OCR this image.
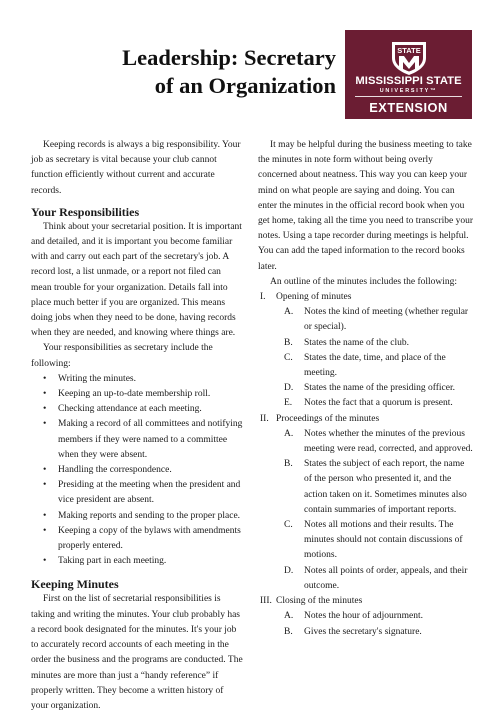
Leadership: Secretary
of an Organization
STATE
MISSISSIPPI STATE
UNIVERSITY™
EXTENSION

Keeping records is always a big responsibility. Your job as secretary is vital because your club cannot function efficiently without current and accurate records.

Your Responsibilities

Think about your secretarial position. It is important and detailed, and it is important you become familiar with and carry out each part of the secretary's job. A record lost, a list unmade, or a report not filed can mean trouble for your organization. Details fall into place much better if you are organized. This means doing jobs when they need to be done, having records when they are needed, and knowing where things are.

Your responsibilities as secretary include the following:

• Writing the minutes.
• Keeping an up-to-date membership roll.
• Checking attendance at each meeting.
• Making a record of all committees and notifying members if they were named to a committee when they were absent.
• Handling the correspondence.
• Presiding at the meeting when the president and vice president are absent.
• Making reports and sending to the proper place.
• Keeping a copy of the bylaws with amendments properly entered.
• Taking part in each meeting.
Keeping Minutes

First on the list of secretarial responsibilities is taking and writing the minutes. Your club probably has a record book designated for the minutes. It's your job to accurately record accounts of each meeting in the order the business and the programs are conducted. The minutes are more than just a “handy reference” if properly written. They become a written history of your organization.

It may be helpful during the business meeting to take the minutes in note form without being overly concerned about neatness. This way you can keep your mind on what people are saying and doing. You can enter the minutes in the official record book when you get home, taking all the time you need to transcribe your notes. Using a tape recorder during meetings is helpful. You can add the taped information to the record books later.

An outline of the minutes includes the following:

I. Opening of minutes
A. Notes the kind of meeting (whether regular or special).
B. States the name of the club.
C. States the date, time, and place of the meeting.
D. States the name of the presiding officer.
E. Notes the fact that a quorum is present.
II. Proceedings of the minutes
A. Notes whether the minutes of the previous meeting were read, corrected, and approved.
B. States the subject of each report, the name of the person who presented it, and the action taken on it. Sometimes minutes also contain summaries of important reports.
C. Notes all motions and their results. The minutes should not contain discussions of motions.
D. Notes all points of order, appeals, and their outcome.
III. Closing of the minutes
A. Notes the hour of adjournment.
B. Gives the secretary's signature.
